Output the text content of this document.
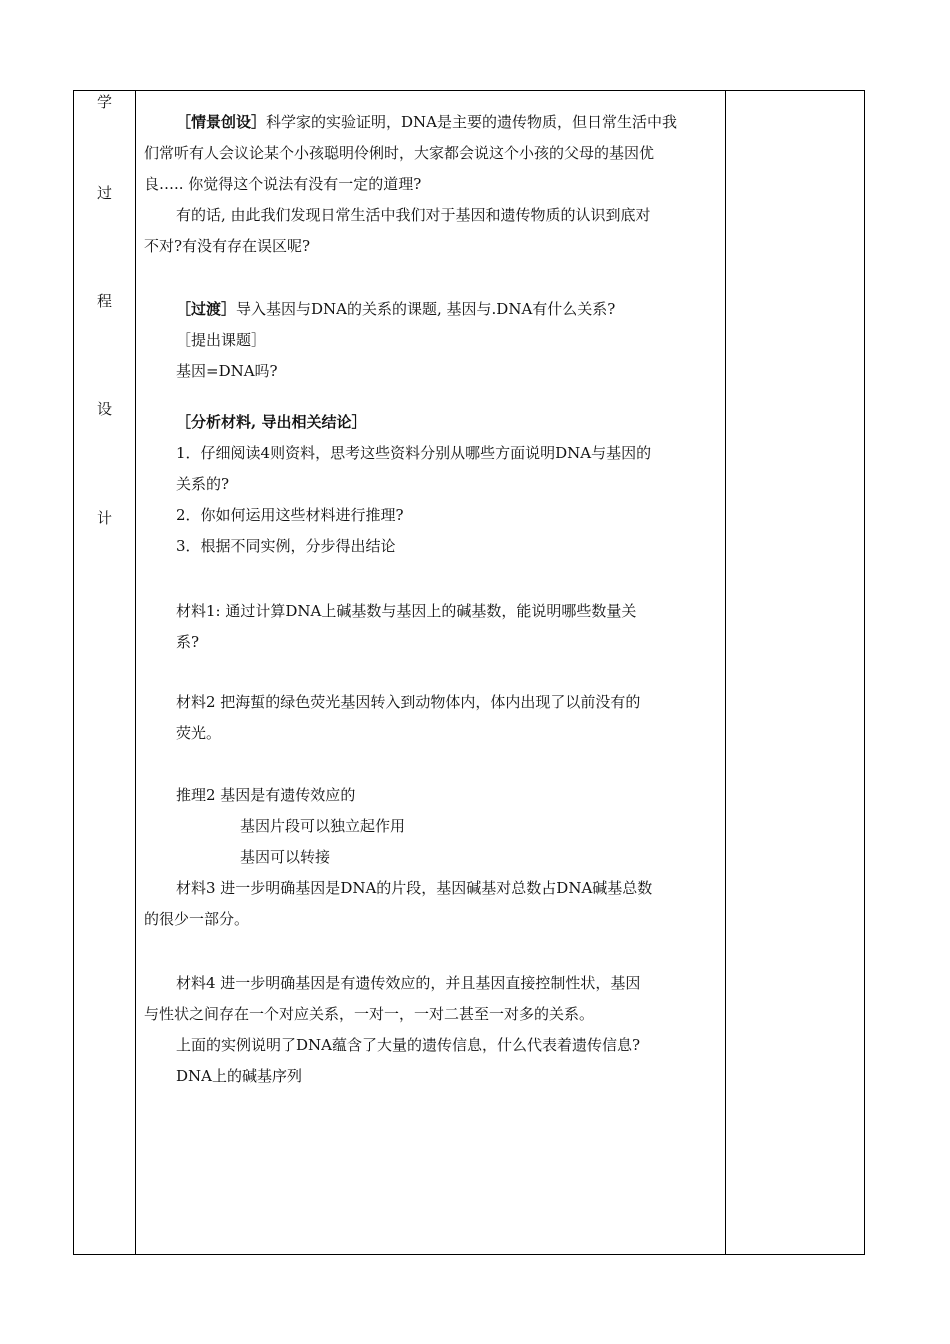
学
过
程
设
计

［情景创设］科学家的实验证明，DNA是主要的遗传物质，但日常生活中我

们常听有人会议论某个小孩聪明伶俐时，大家都会说这个小孩的父母的基因优

良….. 你觉得这个说法有没有一定的道理?

有的话, 由此我们发现日常生活中我们对于基因和遗传物质的认识到底对

不对?有没有存在误区呢?

［过渡］导入基因与DNA的关系的课题, 基因与.DNA有什么关系?

［提出课题］

基因=DNA吗?

［分析材料, 导出相关结论］

1．仔细阅读4则资料，思考这些资料分别从哪些方面说明DNA与基因的

关系的?

2．你如何运用这些材料进行推理?

3．根据不同实例，分步得出结论

材料1: 通过计算DNA上碱基数与基因上的碱基数，能说明哪些数量关

系?

材料2 把海蜇的绿色荧光基因转入到动物体内，体内出现了以前没有的

荧光。

推理2 基因是有遗传效应的

基因片段可以独立起作用

基因可以转接

材料3 进一步明确基因是DNA的片段，基因碱基对总数占DNA碱基总数

的很少一部分。

材料4 进一步明确基因是有遗传效应的，并且基因直接控制性状，基因

与性状之间存在一个对应关系，一对一，一对二甚至一对多的关系。

上面的实例说明了DNA蕴含了大量的遗传信息，什么代表着遗传信息?

DNA上的碱基序列
